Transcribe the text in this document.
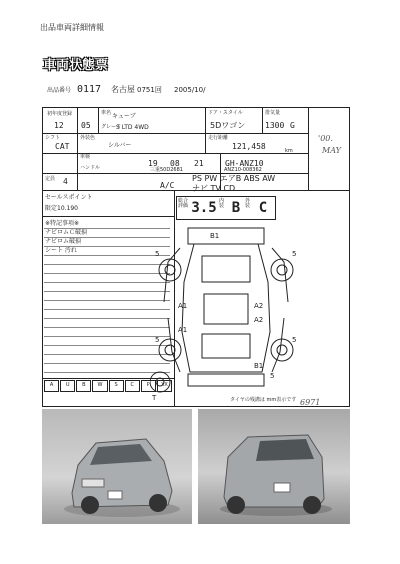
出品車両詳細情報
車両状態票
出品番号 0117 名古屋 0751回 2005/10/
初年度登録
12 05
車名 キューブ
グレード
S LTD 4WD
ドア・スタイル
5Dワゴン
排気量
1300 G
シフト
CAT
外装色
シルバー
走行距離
121,458	km
車検
ハンドル	19 08 21	GH-ANZ10
三重50D2681	ANZ10-008362
定員 4	A/C
PS PW エアB ABS AW
ナビ TV CD
'00.
MAY
6971
セールスポイント
限定10.190
※特記事項※
ナビロムＣ破損
ナビロム破損
シート 汚れ
A	U	B	W	S	C	P	XX
総合評価 3.5 内装 B 外装 C
B1
5	5
A1	A2
A1
A2
5	5
B1
5
T	タイヤの残溝は mm表示です
